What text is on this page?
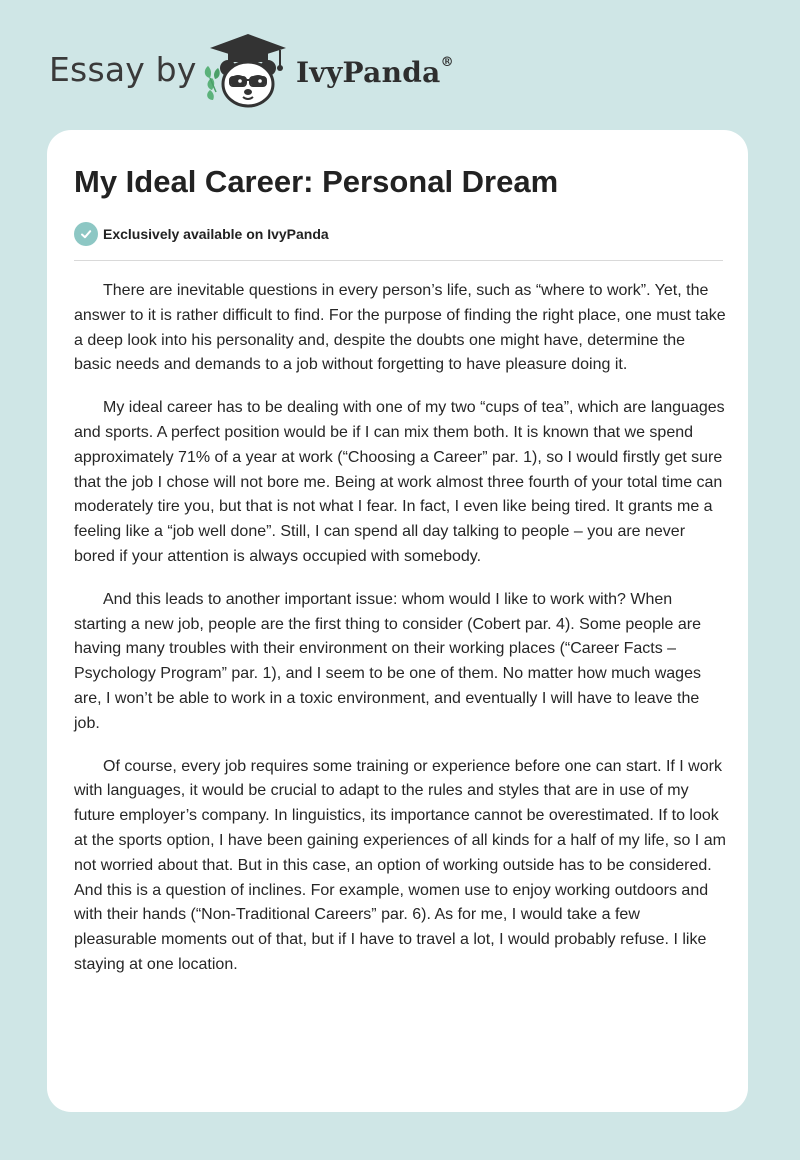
Essay by	IvyPanda®
My Ideal Career: Personal Dream
Exclusively available on IvyPanda

There are inevitable questions in every person’s life, such as “where to work”. Yet, the answer to it is rather difficult to find. For the purpose of finding the right place, one must take a deep look into his personality and, despite the doubts one might have, determine the basic needs and demands to a job without forgetting to have pleasure doing it.

My ideal career has to be dealing with one of my two “cups of tea”, which are languages and sports. A perfect position would be if I can mix them both. It is known that we spend approximately 71% of a year at work (“Choosing a Career” par. 1), so I would firstly get sure that the job I chose will not bore me. Being at work almost three fourth of your total time can moderately tire you, but that is not what I fear. In fact, I even like being tired. It grants me a feeling like a “job well done”. Still, I can spend all day talking to people – you are never bored if your attention is always occupied with somebody.

And this leads to another important issue: whom would I like to work with? When starting a new job, people are the first thing to consider (Cobert par. 4). Some people are having many troubles with their environment on their working places (“Career Facts – Psychology Program” par. 1), and I seem to be one of them. No matter how much wages are, I won’t be able to work in a toxic environment, and eventually I will have to leave the job.

Of course, every job requires some training or experience before one can start. If I work with languages, it would be crucial to adapt to the rules and styles that are in use of my future employer’s company. In linguistics, its importance cannot be overestimated. If to look at the sports option, I have been gaining experiences of all kinds for a half of my life, so I am not worried about that. But in this case, an option of working outside has to be considered. And this is a question of inclines. For example, women use to enjoy working outdoors and with their hands (“Non-Traditional Careers” par. 6). As for me, I would take a few pleasurable moments out of that, but if I have to travel a lot, I would probably refuse. I like staying at one location.
